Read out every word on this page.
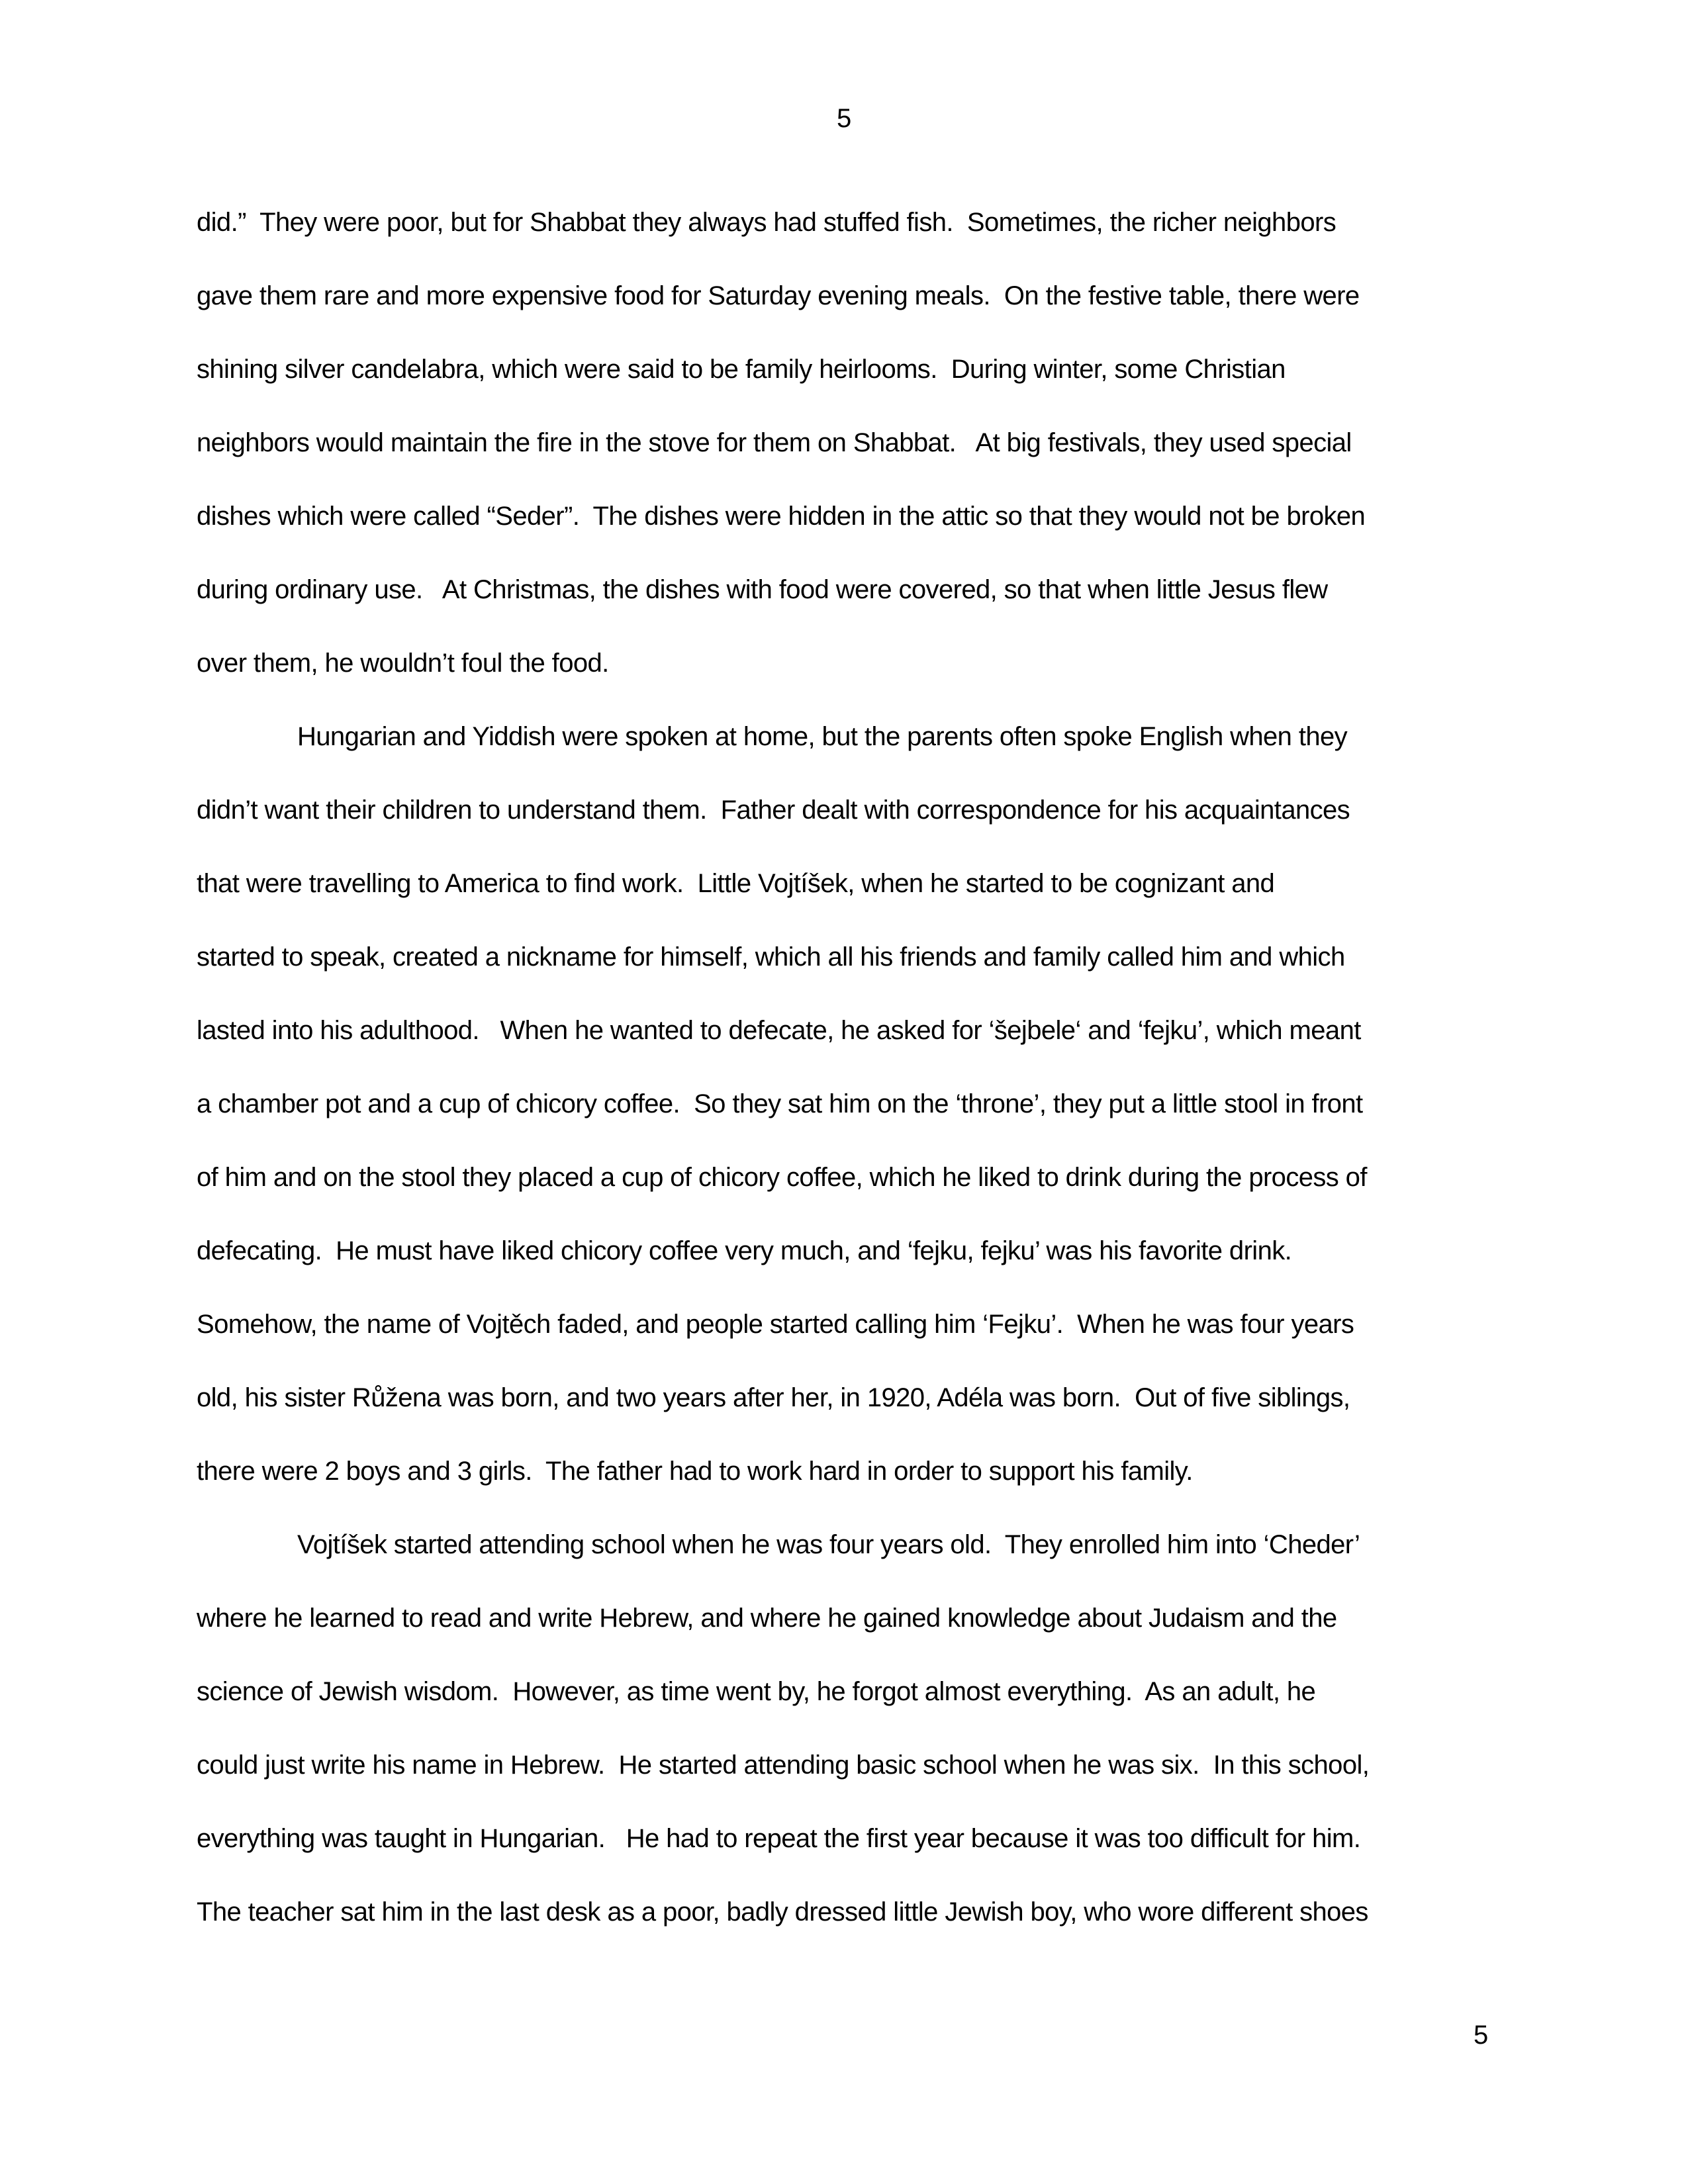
5
did.”  They were poor, but for Shabbat they always had stuffed fish.  Sometimes, the richer neighbors
gave them rare and more expensive food for Saturday evening meals.  On the festive table, there were
shining silver candelabra, which were said to be family heirlooms.  During winter, some Christian
neighbors would maintain the fire in the stove for them on Shabbat.   At big festivals, they used special
dishes which were called “Seder”.  The dishes were hidden in the attic so that they would not be broken
during ordinary use.   At Christmas, the dishes with food were covered, so that when little Jesus flew
over them, he wouldn’t foul the food.
Hungarian and Yiddish were spoken at home, but the parents often spoke English when they
didn’t want their children to understand them.  Father dealt with correspondence for his acquaintances
that were travelling to America to find work.  Little Vojtíšek, when he started to be cognizant and
started to speak, created a nickname for himself, which all his friends and family called him and which
lasted into his adulthood.   When he wanted to defecate, he asked for ‘šejbele‘ and ‘fejku’, which meant
a chamber pot and a cup of chicory coffee.  So they sat him on the ‘throne’, they put a little stool in front
of him and on the stool they placed a cup of chicory coffee, which he liked to drink during the process of
defecating.  He must have liked chicory coffee very much, and ‘fejku, fejku’ was his favorite drink.
Somehow, the name of Vojtěch faded, and people started calling him ‘Fejku’.  When he was four years
old, his sister Růžena was born, and two years after her, in 1920, Adéla was born.  Out of five siblings,
there were 2 boys and 3 girls.  The father had to work hard in order to support his family.
Vojtíšek started attending school when he was four years old.  They enrolled him into ‘Cheder’
where he learned to read and write Hebrew, and where he gained knowledge about Judaism and the
science of Jewish wisdom.  However, as time went by, he forgot almost everything.  As an adult, he
could just write his name in Hebrew.  He started attending basic school when he was six.  In this school,
everything was taught in Hungarian.   He had to repeat the first year because it was too difficult for him.
The teacher sat him in the last desk as a poor, badly dressed little Jewish boy, who wore different shoes
5
